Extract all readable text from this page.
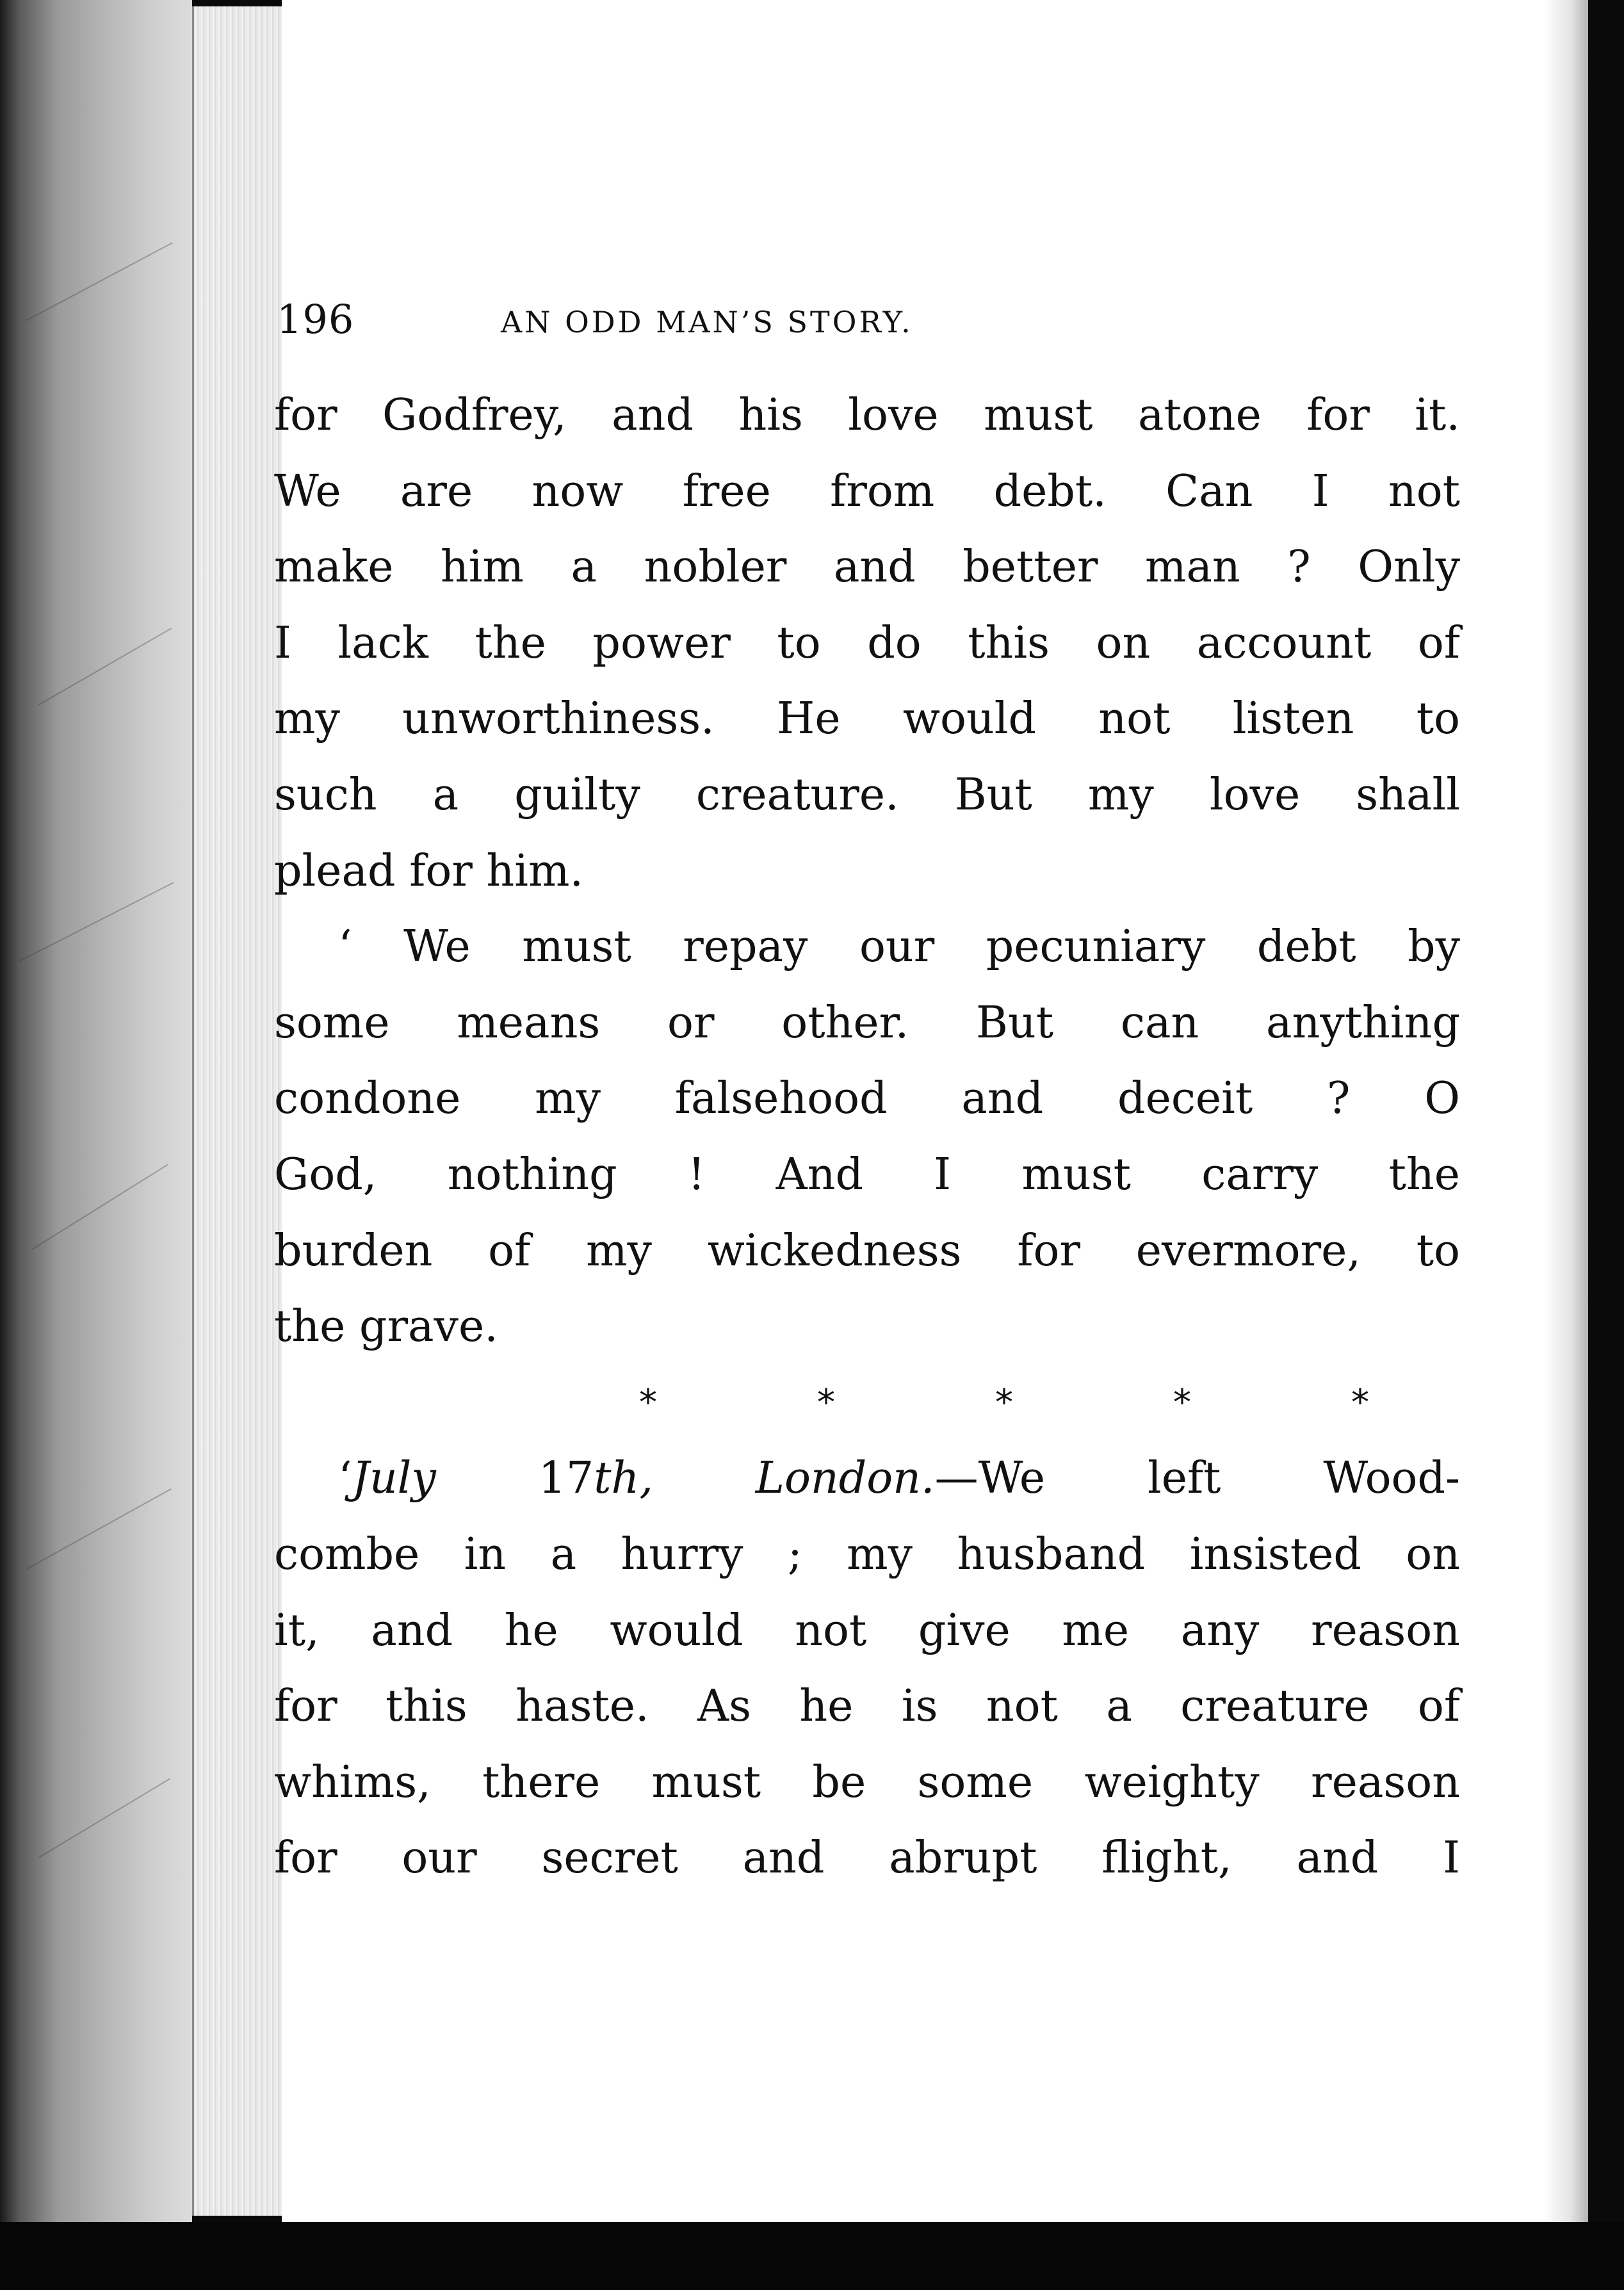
196	AN ODD MAN’S STORY.
for Godfrey, and his love must atone for it.
We are now free from debt. Can I not
make him a nobler and better man ? Only
I lack the power to do this on account of
my unworthiness. He would not listen to
such a guilty creature. But my love shall
plead for him.
‘ We must repay our pecuniary debt by
some means or other. But can anything
condone my falsehood and deceit ? O
God, nothing ! And I must carry the
burden of my wickedness for evermore, to
the grave.
*	*	*	*	*
‘July 17th, London.—We left Wood-
combe in a hurry ; my husband insisted on
it, and he would not give me any reason
for this haste. As he is not a creature of
whims, there must be some weighty reason
for our secret and abrupt flight, and I
